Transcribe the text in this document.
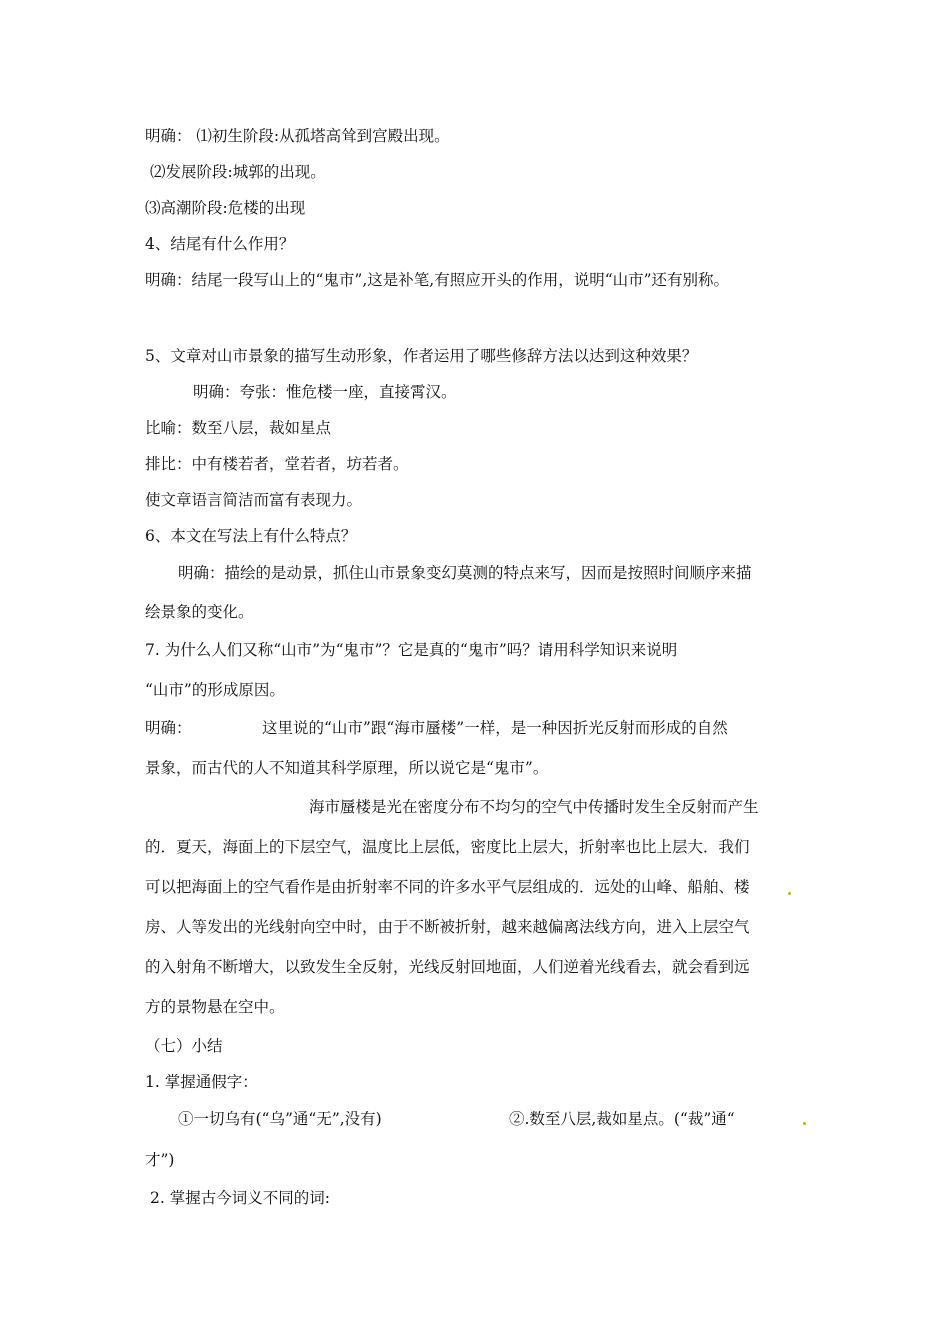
明确： ⑴初生阶段:从孤塔高耸到宫殿出现。
⑵发展阶段:城郭的出现。
⑶高潮阶段:危楼的出现
4、结尾有什么作用？
明确：结尾一段写山上的“鬼市”,这是补笔,有照应开头的作用，说明“山市”还有别称。
5、文章对山市景象的描写生动形象，作者运用了哪些修辞方法以达到这种效果？
明确：夸张：惟危楼一座，直接霄汉。
比喻：数至八层，裁如星点
排比：中有楼若者，堂若者，坊若者。
使文章语言简洁而富有表现力。
6、本文在写法上有什么特点？
明确：描绘的是动景，抓住山市景象变幻莫测的特点来写，因而是按照时间顺序来描
绘景象的变化。
7. 为什么人们又称“山市”为“鬼市”？它是真的“鬼市”吗？请用科学知识来说明
“山市”的形成原因。
明确：	这里说的“山市”跟“海市蜃楼”一样，是一种因折光反射而形成的自然
景象，而古代的人不知道其科学原理，所以说它是“鬼市”。
海市蜃楼是光在密度分布不均匀的空气中传播时发生全反射而产生
的．夏天，海面上的下层空气，温度比上层低，密度比上层大，折射率也比上层大．我们
可以把海面上的空气看作是由折射率不同的许多水平气层组成的．远处的山峰、船舶、楼
房、人等发出的光线射向空中时，由于不断被折射，越来越偏离法线方向，进入上层空气
的入射角不断增大，以致发生全反射，光线反射回地面，人们逆着光线看去，就会看到远
方的景物悬在空中。
（七）小结
1. 掌握通假字：
①一切乌有(“乌”通“无”,没有)	②.数至八层,裁如星点。(“裁”通“
才”)
2. 掌握古今词义不同的词:
